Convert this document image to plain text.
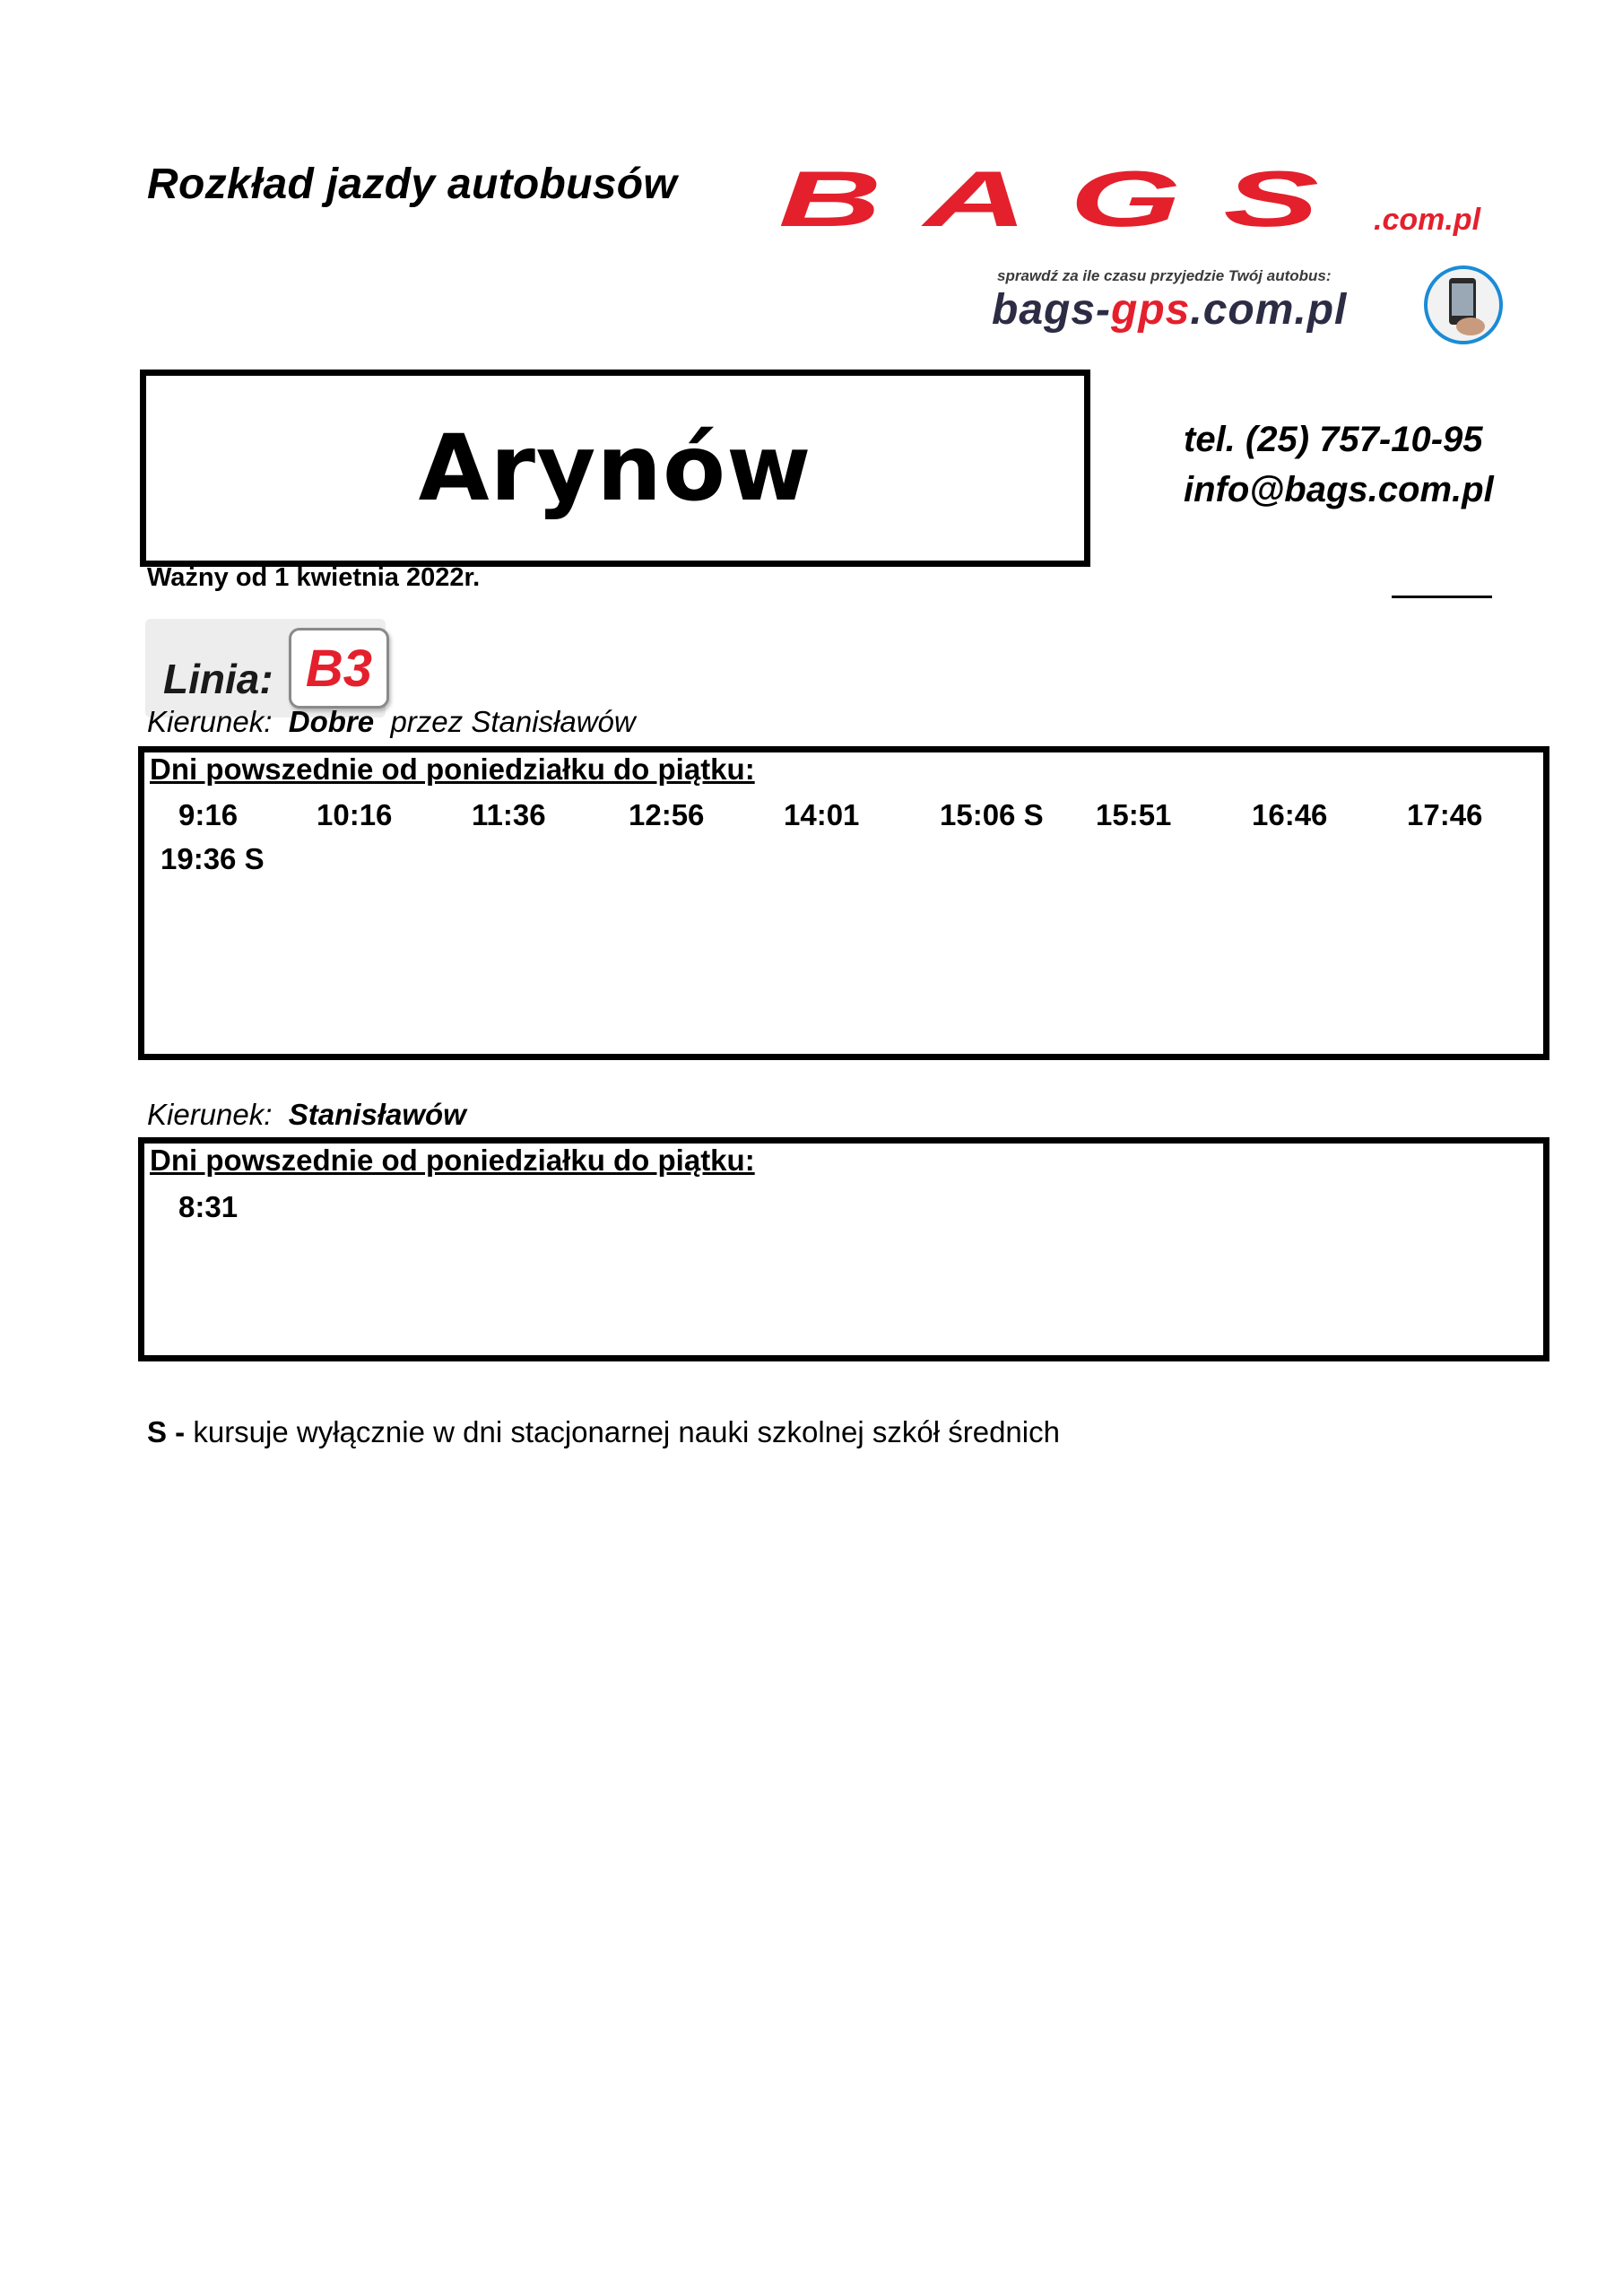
Rozkład jazdy autobusów BAGS .com.pl
sprawdź za ile czasu przyjedzie Twój autobus:
bags-gps.com.pl
Arynów	tel. (25) 757-10-95
info@bags.com.pl
Ważny od 1 kwietnia 2022r.
Linia: B3
Kierunek: Dobre przez Stanisławów
Dni powszednie od poniedziałku do piątku:
9:16	10:16	11:36	12:56	14:01	15:06 S 15:51	16:46	17:46
19:36 S
Kierunek: Stanisławów
Dni powszednie od poniedziałku do piątku:
8:31
S - kursuje wyłącznie w dni stacjonarnej nauki szkolnej szkół średnich
